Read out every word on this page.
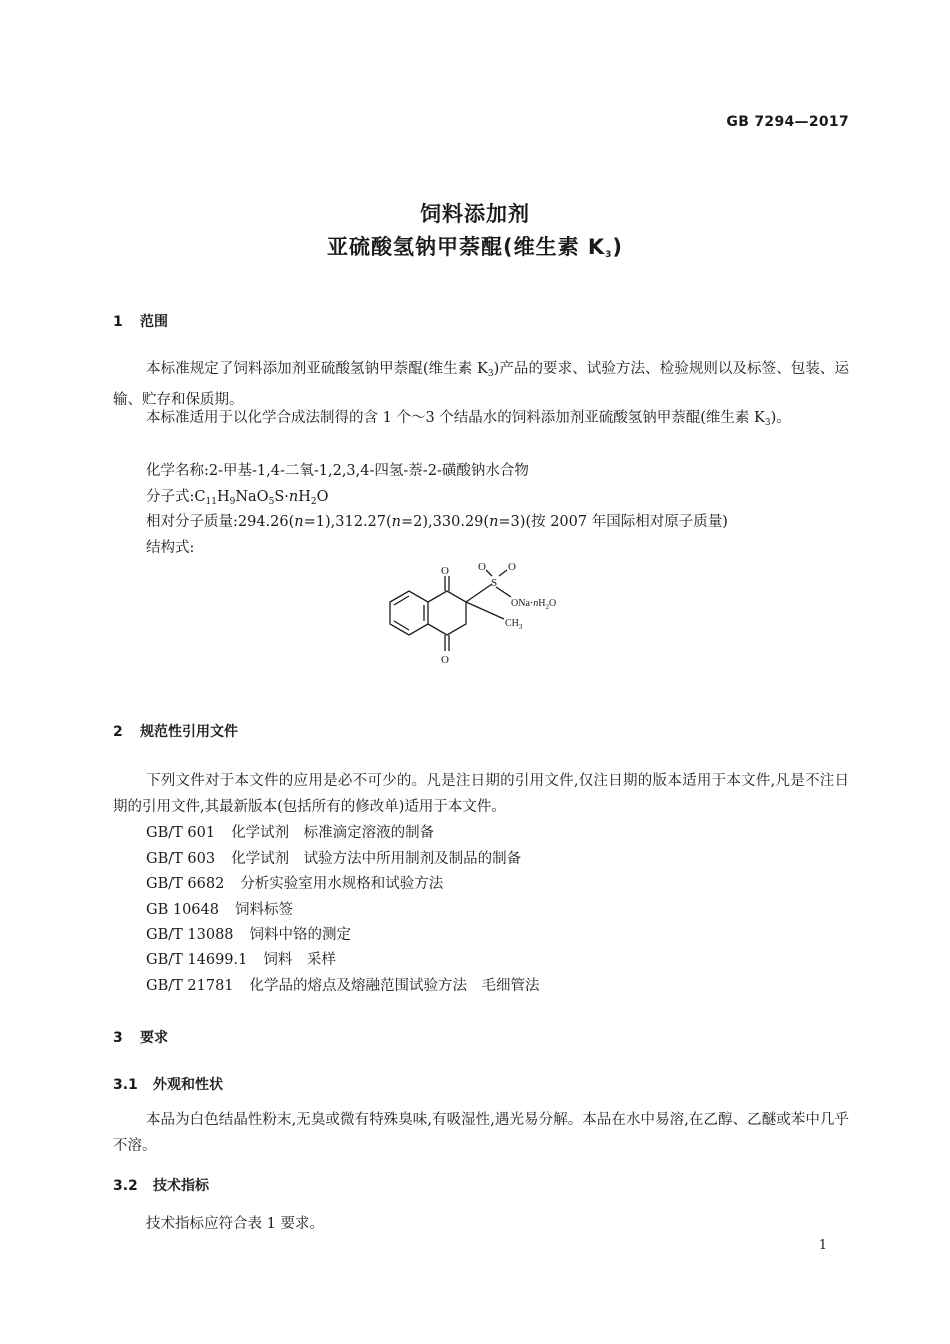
GB 7294—2017
饲料添加剂
亚硫酸氢钠甲萘醌(维生素 $K_3$)
1 范围
本标准规定了饲料添加剂亚硫酸氢钠甲萘醌(维生素 $K_3$)产品的要求、试验方法、检验规则以及标签、包装、运输、贮存和保质期。
本标准适用于以化学合成法制得的含 1 个～3 个结晶水的饲料添加剂亚硫酸氢钠甲萘醌(维生素 $K_3$)。
化学名称:2-甲基-1,4-二氧-1,2,3,4-四氢-萘-2-磺酸钠水合物
分子式$:C_{11}H_9NaO_5S\cdot nH_2O$
相对分子质量:294.26(n=1),312.27(n=2),330.29(n=3)(按 2007 年国际相对原子质量)
结构式:
O
O
S
O O
$ONa\cdot nH_2O$
$CH_3$
2 规范性引用文件
下列文件对于本文件的应用是必不可少的。凡是注日期的引用文件,仅注日期的版本适用于本文件,凡是不注日期的引用文件,其最新版本(包括所有的修改单)适用于本文件。
GB/T 601 化学试剂　标准滴定溶液的制备
GB/T 603 化学试剂　试验方法中所用制剂及制品的制备
GB/T 6682 分析实验室用水规格和试验方法
GB 10648 饲料标签
GB/T 13088 饲料中铬的测定
GB/T 14699.1 饲料　采样
GB/T 21781 化学品的熔点及熔融范围试验方法　毛细管法
3 要求
3.1 外观和性状
本品为白色结晶性粉末,无臭或微有特殊臭味,有吸湿性,遇光易分解。本品在水中易溶,在乙醇、乙醚或苯中几乎不溶。
3.2 技术指标
技术指标应符合表 1 要求。
1
